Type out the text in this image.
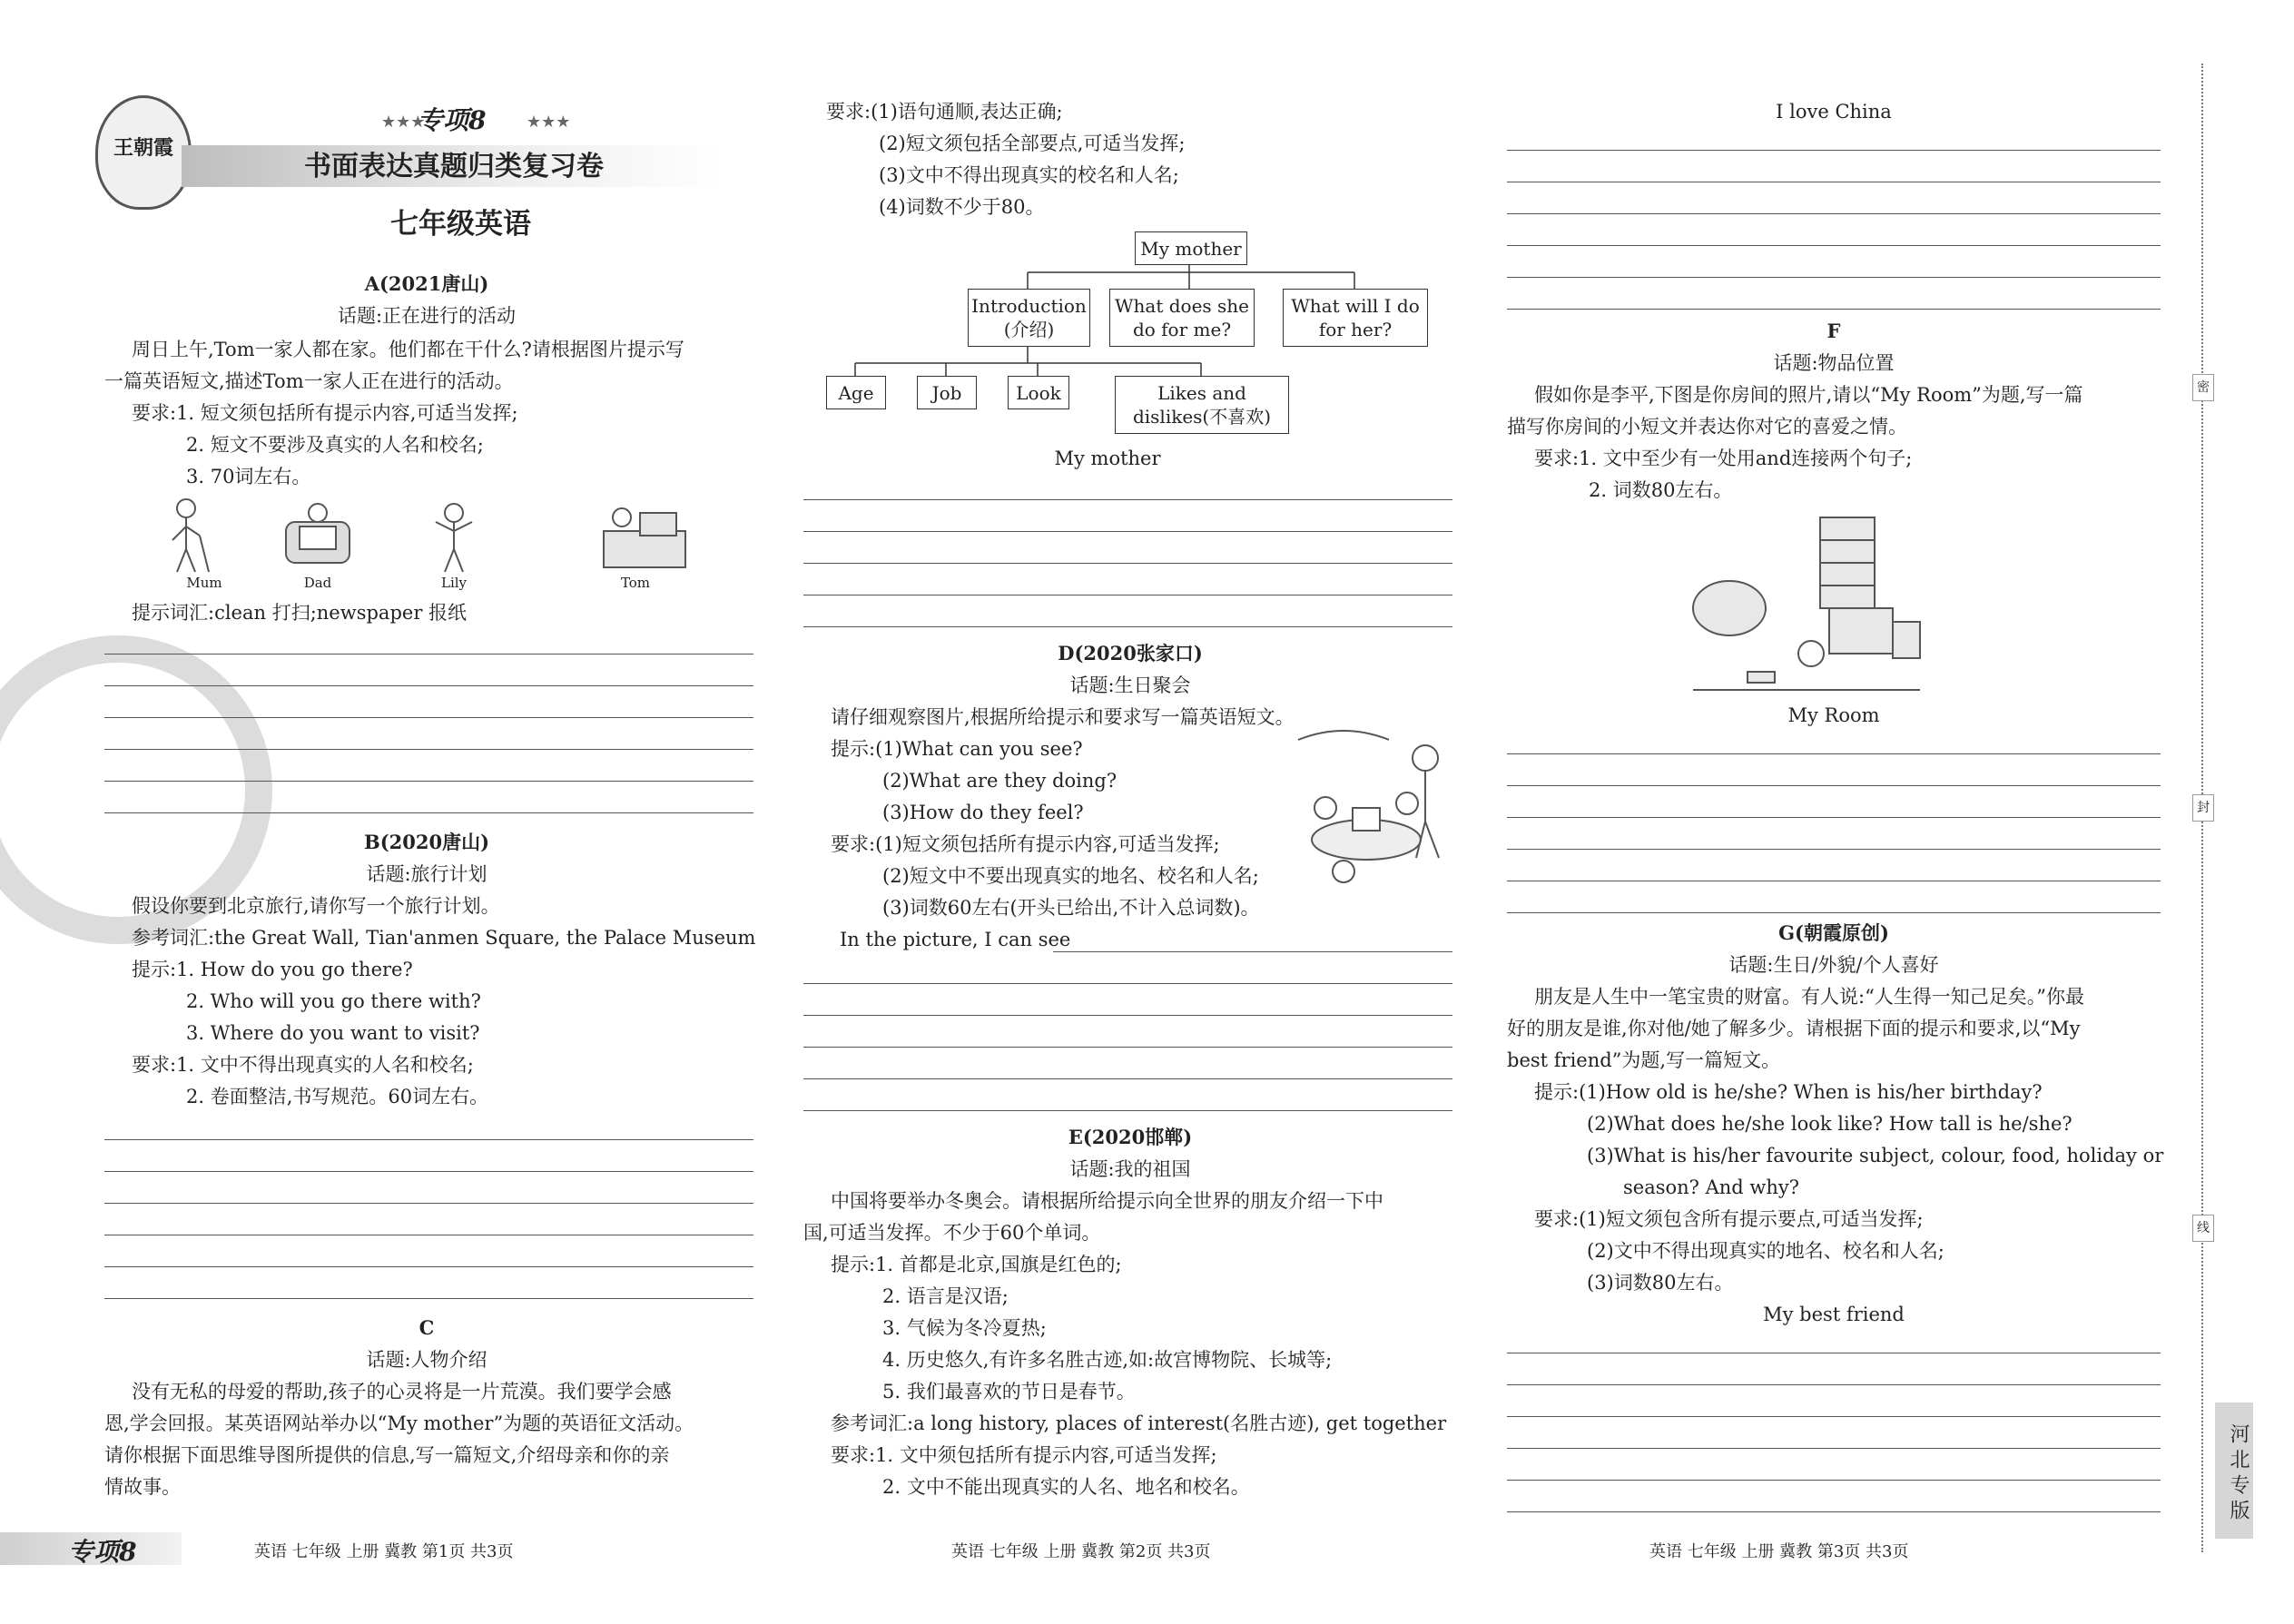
王朝霞
专项8
★★★	★★★
书面表达真题归类复习卷
七年级英语
A(2021唐山)
话题:正在进行的活动
周日上午,Tom一家人都在家。他们都在干什么?请根据图片提示写
一篇英语短文,描述Tom一家人正在进行的活动。
要求:1. 短文须包括所有提示内容,可适当发挥;
2. 短文不要涉及真实的人名和校名;
3. 70词左右。
Mum	Dad	Lily	Tom
提示词汇:clean 打扫;newspaper 报纸
B(2020唐山)
话题:旅行计划
假设你要到北京旅行,请你写一个旅行计划。
参考词汇:the Great Wall, Tian'anmen Square, the Palace Museum
提示:1. How do you go there?
2. Who will you go there with?
3. Where do you want to visit?
要求:1. 文中不得出现真实的人名和校名;
2. 卷面整洁,书写规范。60词左右。
C
话题:人物介绍
没有无私的母爱的帮助,孩子的心灵将是一片荒漠。我们要学会感
恩,学会回报。某英语网站举办以“My mother”为题的英语征文活动。
请你根据下面思维导图所提供的信息,写一篇短文,介绍母亲和你的亲
情故事。
要求:(1)语句通顺,表达正确;
(2)短文须包括全部要点,可适当发挥;
(3)文中不得出现真实的校名和人名;
(4)词数不少于80。
My mother
Introduction (介绍)
What does she do for me?
What will I do for her?
Age	Job	Look	Likes and dislikes(不喜欢)
My mother
D(2020张家口)
话题:生日聚会
请仔细观察图片,根据所给提示和要求写一篇英语短文。
提示:(1)What can you see?
(2)What are they doing?
(3)How do they feel?
要求:(1)短文须包括所有提示内容,可适当发挥;
(2)短文中不要出现真实的地名、校名和人名;
(3)词数60左右(开头已给出,不计入总词数)。
In the picture, I can see
E(2020邯郸)
话题:我的祖国
中国将要举办冬奥会。请根据所给提示向全世界的朋友介绍一下中
国,可适当发挥。不少于60个单词。
提示:1. 首都是北京,国旗是红色的;
2. 语言是汉语;
3. 气候为冬冷夏热;
4. 历史悠久,有许多名胜古迹,如:故宫博物院、长城等;
5. 我们最喜欢的节日是春节。
参考词汇:a long history, places of interest(名胜古迹), get together
要求:1. 文中须包括所有提示内容,可适当发挥;
2. 文中不能出现真实的人名、地名和校名。
I love China
F
话题:物品位置
假如你是李平,下图是你房间的照片,请以“My Room”为题,写一篇
描写你房间的小短文并表达你对它的喜爱之情。
要求:1. 文中至少有一处用and连接两个句子;
2. 词数80左右。
My Room
G(朝霞原创)
话题:生日/外貌/个人喜好
朋友是人生中一笔宝贵的财富。有人说:“人生得一知己足矣。”你最
好的朋友是谁,你对他/她了解多少。请根据下面的提示和要求,以“My
best friend”为题,写一篇短文。
提示:(1)How old is he/she? When is his/her birthday?
(2)What does he/she look like? How tall is he/she?
(3)What is his/her favourite subject, colour, food, holiday or
season? And why?
要求:(1)短文须包含所有提示要点,可适当发挥;
(2)文中不得出现真实的地名、校名和人名;
(3)词数80左右。
My best friend
专项8	英语 七年级 上册 冀教 第1页 共3页	英语 七年级 上册 冀教 第2页 共3页	英语 七年级 上册 冀教 第3页 共3页
密
封
线
河北专版
